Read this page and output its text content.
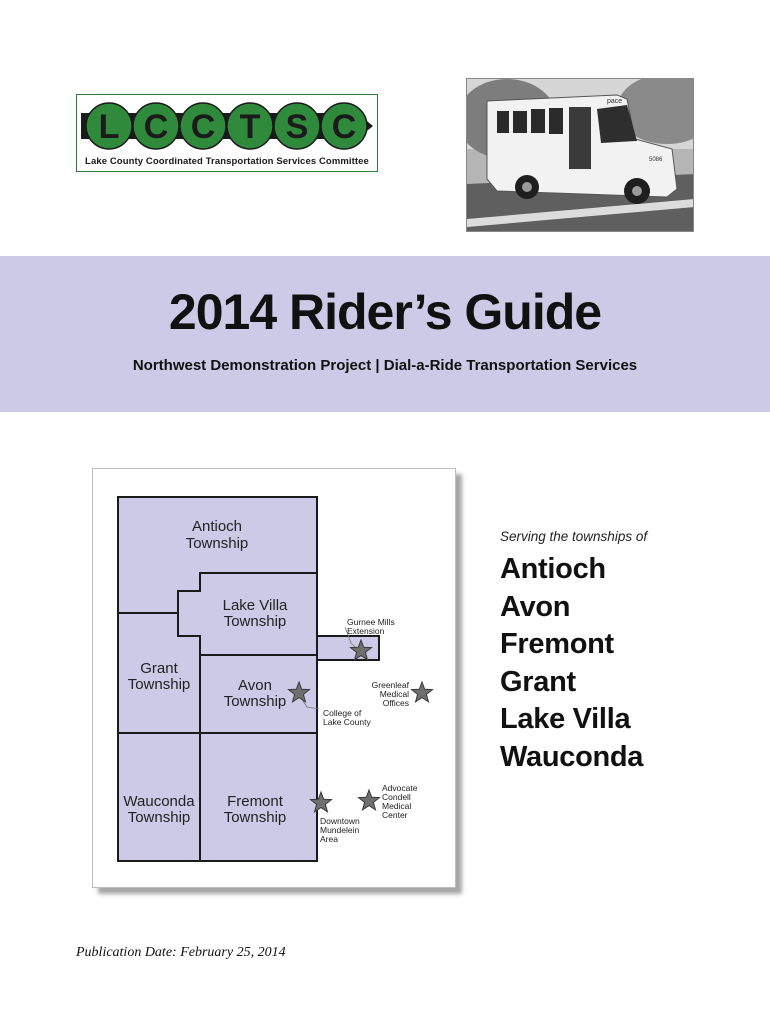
L C C T S C
Lake County Coordinated Transportation Services Committee
pace
5086
2014 Rider’s Guide
Northwest Demonstration Project | Dial-a-Ride Transportation Services
Antioch
Township
Lake Villa
Township
Grant
Township	Avon
Township
Wauconda
Township
Fremont
Township
Gurnee Mills
Extension
Greenleaf
Medical
Offices
College of
Lake County
Advocate
Condell
Medical
Center
Downtown
Mundelein
Area
Serving the townships of
Antioch
Avon
Fremont
Grant
Lake Villa
Wauconda
Publication Date: February 25, 2014
